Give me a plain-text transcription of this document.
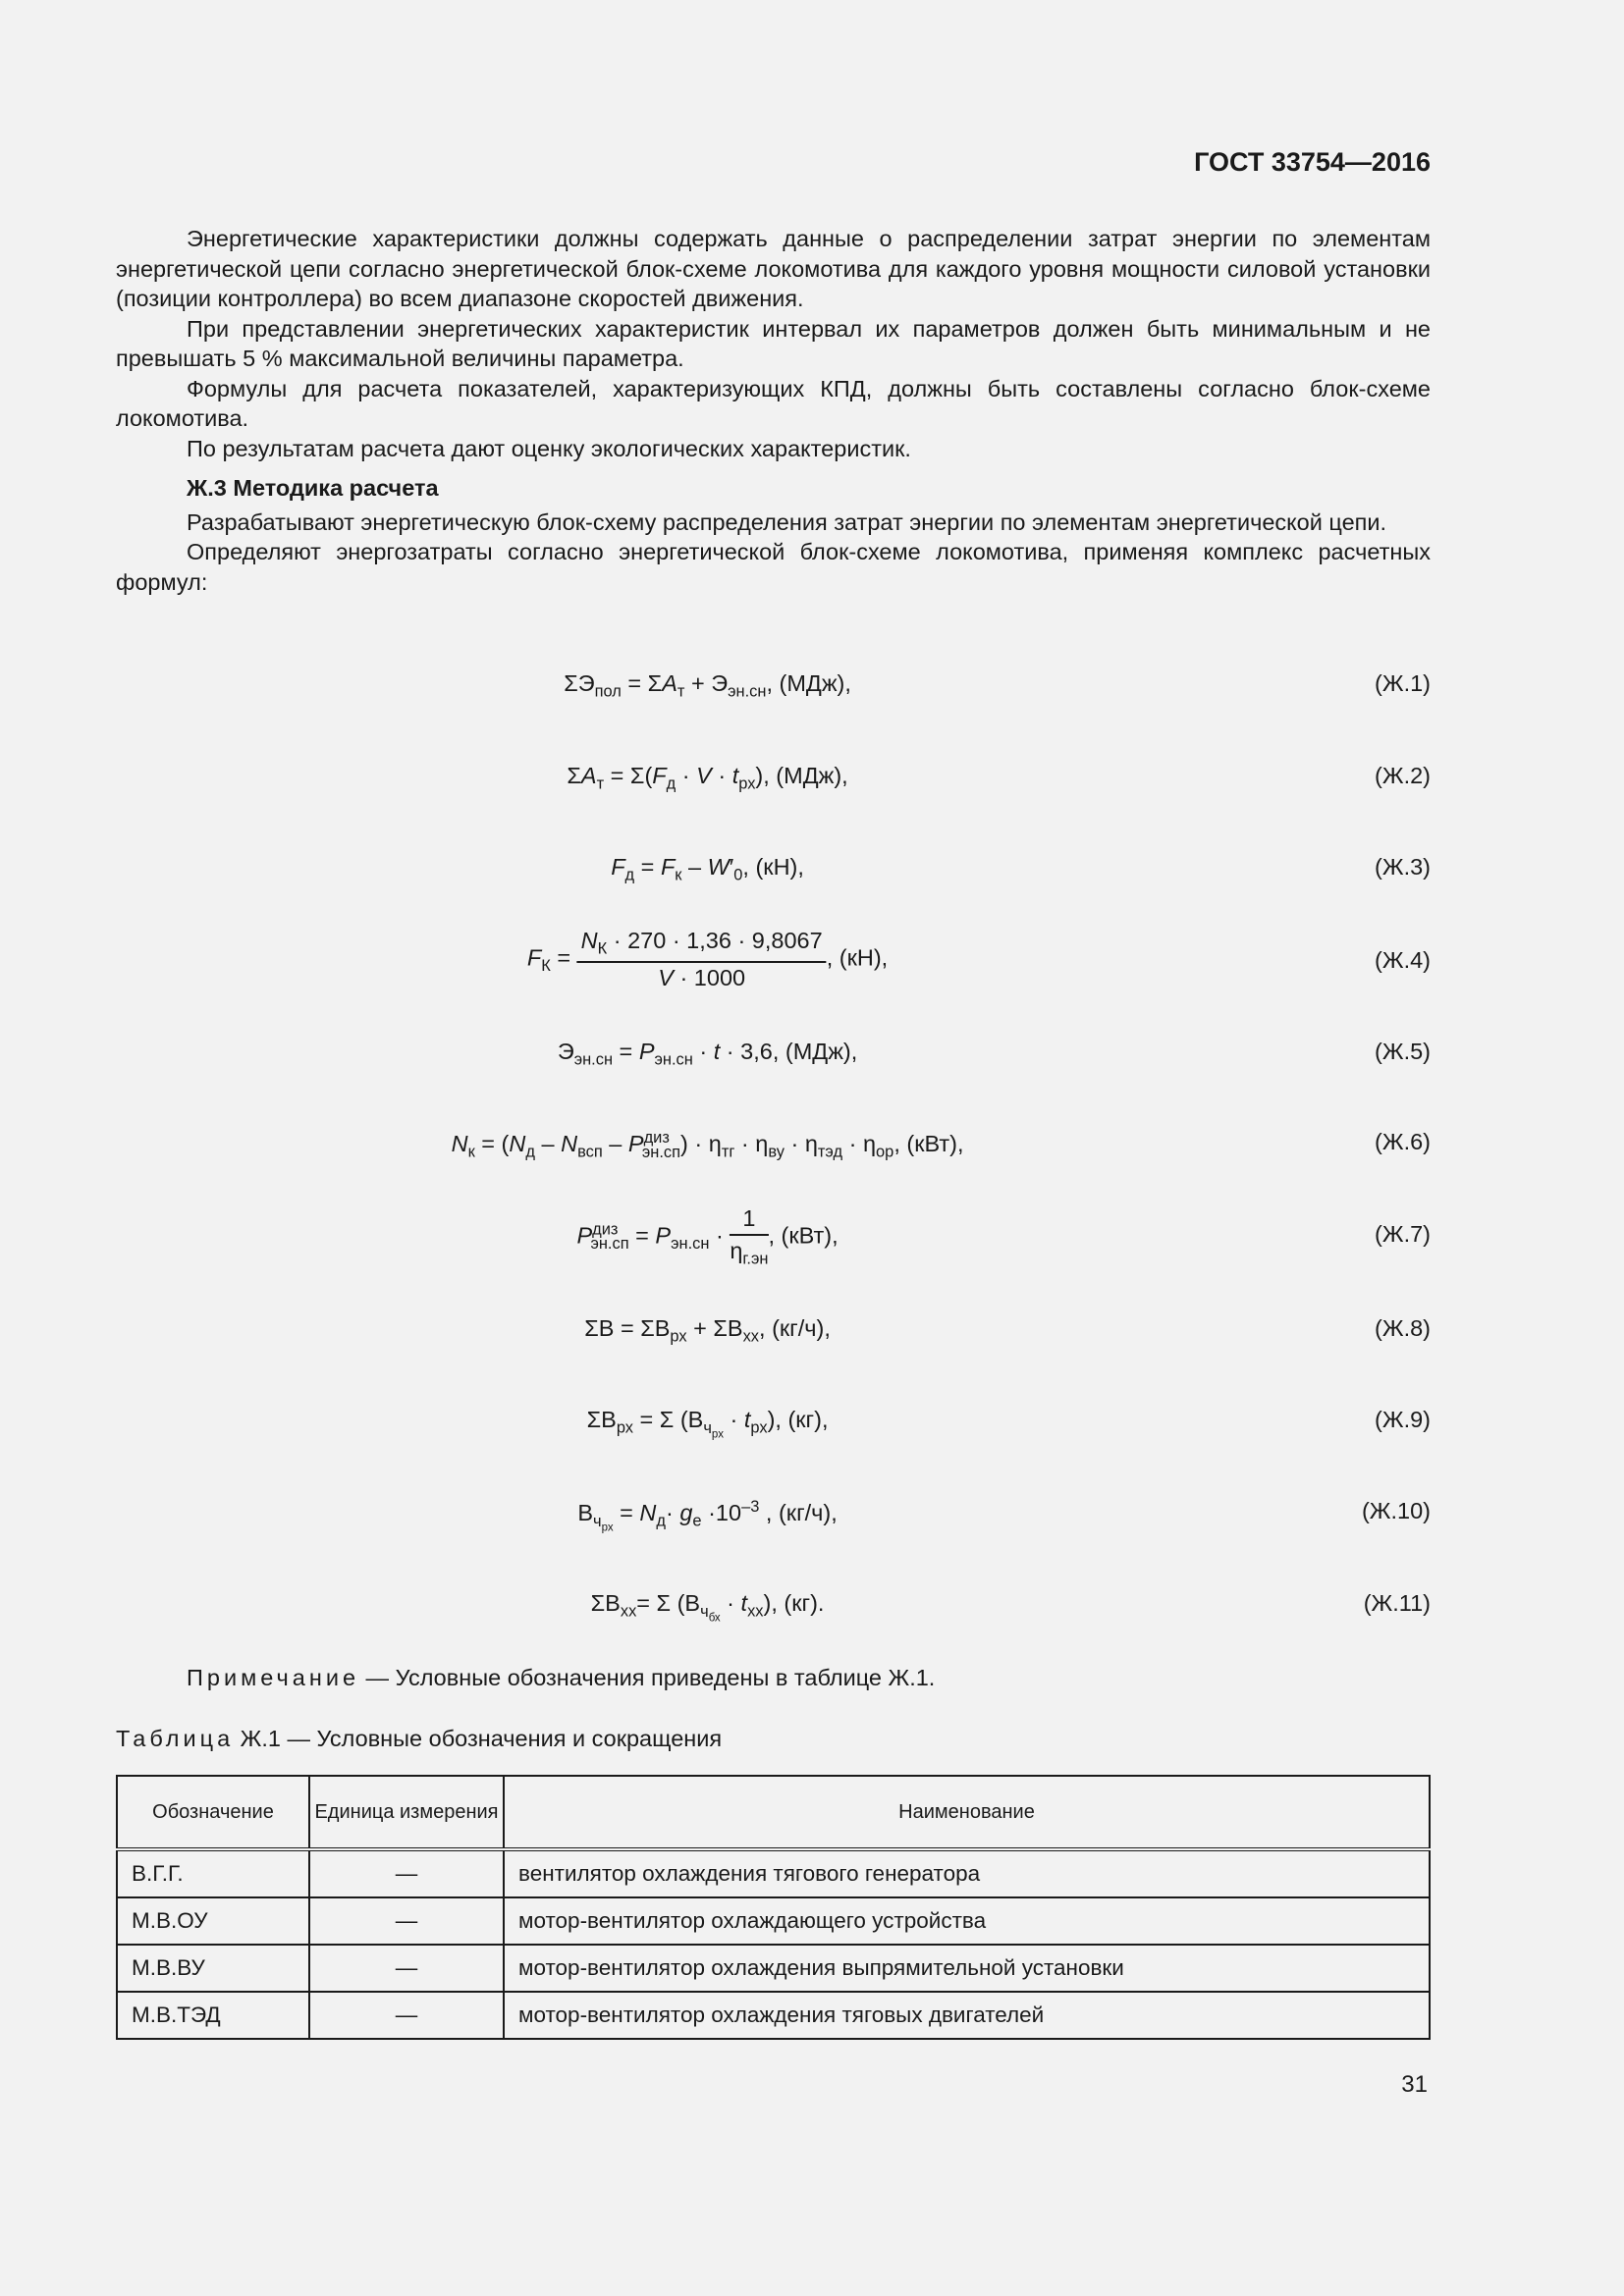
ГОСТ 33754—2016

Энергетические характеристики должны содержать данные о распределении затрат энергии по элементам энергетической цепи согласно энергетической блок-схеме локомотива для каждого уровня мощности силовой установки (позиции контроллера) во всем диапазоне скоростей движения.

При представлении энергетических характеристик интервал их параметров должен быть минимальным и не превышать 5 % максимальной величины параметра.

Формулы для расчета показателей, характеризующих КПД, должны быть составлены согласно блок-схеме локомотива.

По результатам расчета дают оценку экологических характеристик.

Ж.3 Методика расчета

Разрабатывают энергетическую блок-схему распределения затрат энергии по элементам энергетической цепи.

Определяют энергозатраты согласно энергетической блок-схеме локомотива, применяя комплекс расчетных формул:

$\Sigma Э_{пол} = \Sigma A_т + Э_{эн.сн}$, (МДж),	(Ж.1)
$\Sigma A_т = \Sigma(F_д \cdot V \cdot t_{рх})$, (МДж),	(Ж.2)
$F_д = F_к - W'_0$, (кН),	(Ж.3)
$F_К = \frac{N_К \cdot 270 \cdot 1,36 \cdot 9,8067}{V \cdot 1000}$ , (кН),	(Ж.4)
$Э_{эн.сн} = P_{эн.сн} \cdot t \cdot 3,6$, (МДж),	(Ж.5)
$N_к = (N_д - N_{всп} - P^{диз}_{эн.сп}) \cdot \eta_{тг} \cdot \eta_{ву} \cdot \eta_{тэд} \cdot \eta_{ор}$, (кВт),	(Ж.6)
$P^{диз}_{эн.сп} = P_{эн.сн} \cdot \frac{1}{\eta_{г.эн}}$ , (кВт),	(Ж.7)
$\Sigma В = \Sigma В_{рх} + \Sigma В_{хх}$, (кг/ч),	(Ж.8)
$\Sigma В_{рх} = \Sigma$ $(В_{ч_{рх}} \cdot t_{рх})$, (кг),	(Ж.9)
$В_{ч_{рх}} = N_д\cdot g_е \cdot 10^{-3}$ , (кг/ч),	(Ж.10)
$\Sigma В_{хх}= \Sigma$ $(В_{ч_{бх}} \cdot t_{хх})$, (кг).	(Ж.11)
Примечание — Условные обозначения приведены в таблице Ж.1.
Таблица Ж.1 — Условные обозначения и сокращения
Обозначение	Единица измерения	Наименование
В.Г.Г.	—	вентилятор охлаждения тягового генератора
М.В.ОУ	—	мотор-вентилятор охлаждающего устройства
М.В.ВУ	—	мотор-вентилятор охлаждения выпрямительной установки
М.В.ТЭД	—	мотор-вентилятор охлаждения тяговых двигателей
31
